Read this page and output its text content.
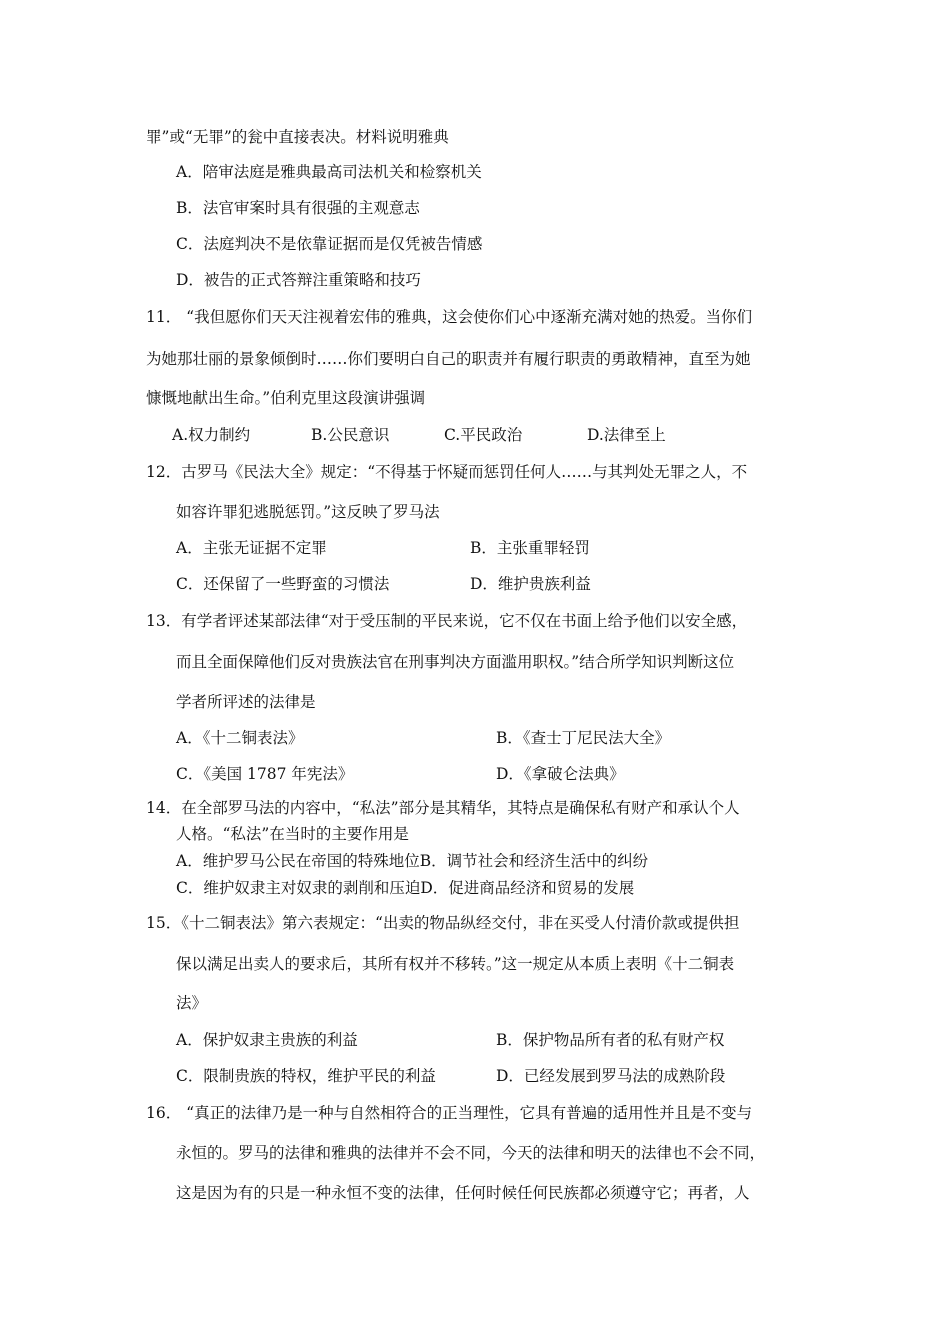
罪”或“无罪”的瓮中直接表决。材料说明雅典
A．陪审法庭是雅典最高司法机关和检察机关
B．法官审案时具有很强的主观意志
C．法庭判决不是依靠证据而是仅凭被告情感
D．被告的正式答辩注重策略和技巧
11． “我但愿你们天天注视着宏伟的雅典，这会使你们心中逐渐充满对她的热爱。当你们
为她那壮丽的景象倾倒时……你们要明白自己的职责并有履行职责的勇敢精神，直至为她
慷慨地献出生命。”伯利克里这段演讲强调
A.权力制约	B.公民意识	C.平民政治	D.法律至上
12．古罗马《民法大全》规定：“不得基于怀疑而惩罚任何人……与其判处无罪之人，不
如容许罪犯逃脱惩罚。”这反映了罗马法
A．主张无证据不定罪	B．主张重罪轻罚
C．还保留了一些野蛮的习惯法	D．维护贵族利益
13．有学者评述某部法律“对于受压制的平民来说，它不仅在书面上给予他们以安全感，
而且全面保障他们反对贵族法官在刑事判决方面滥用职权。”结合所学知识判断这位
学者所评述的法律是
A．《十二铜表法》	B．《查士丁尼民法大全》
C．《美国 1787 年宪法》	D．《拿破仑法典》
14．在全部罗马法的内容中，“私法”部分是其精华，其特点是确保私有财产和承认个人
人格。“私法”在当时的主要作用是
A．维护罗马公民在帝国的特殊地位B．调节社会和经济生活中的纠纷
C．维护奴隶主对奴隶的剥削和压迫D．促进商品经济和贸易的发展
15．《十二铜表法》第六表规定：“出卖的物品纵经交付，非在买受人付清价款或提供担
保以满足出卖人的要求后，其所有权并不移转。”这一规定从本质上表明《十二铜表
法》
A．保护奴隶主贵族的利益	B．保护物品所有者的私有财产权
C．限制贵族的特权，维护平民的利益	D．已经发展到罗马法的成熟阶段
16． “真正的法律乃是一种与自然相符合的正当理性，它具有普遍的适用性并且是不变与
永恒的。罗马的法律和雅典的法律并不会不同，今天的法律和明天的法律也不会不同，
这是因为有的只是一种永恒不变的法律，任何时候任何民族都必须遵守它；再者，人
